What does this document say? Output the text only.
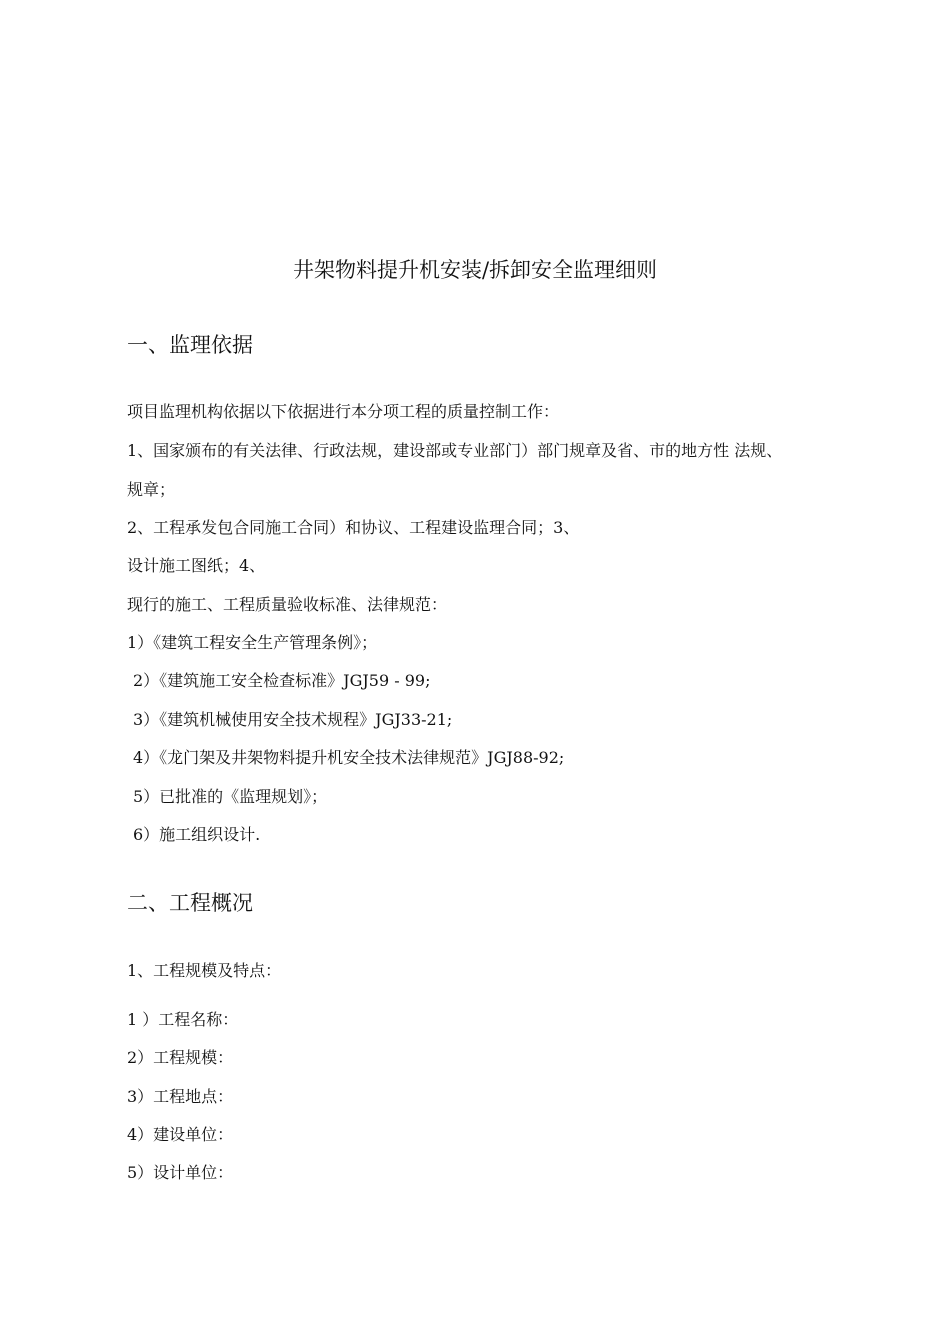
井架物料提升机安装/拆卸安全监理细则
一、监理依据
项目监理机构依据以下依据进行本分项工程的质量控制工作：
1、国家颁布的有关法律、行政法规，建设部或专业部门）部门规章及省、市的地方性 法规、
规章；
2、工程承发包合同施工合同）和协议、工程建设监理合同；3、
设计施工图纸；4、
现行的施工、工程质量验收标准、法律规范：
1）《建筑工程安全生产管理条例》；
2）《建筑施工安全检查标准》JGJ59 - 99;
3）《建筑机械使用安全技术规程》JGJ33-21;
4）《龙门架及井架物料提升机安全技术法律规范》JGJ88-92;
5）已批准的《监理规划》；
6）施工组织设计.
二、工程概况
1、工程规模及特点：
1 ）工程名称：
2）工程规模：
3）工程地点：
4）建设单位：
5）设计单位：
